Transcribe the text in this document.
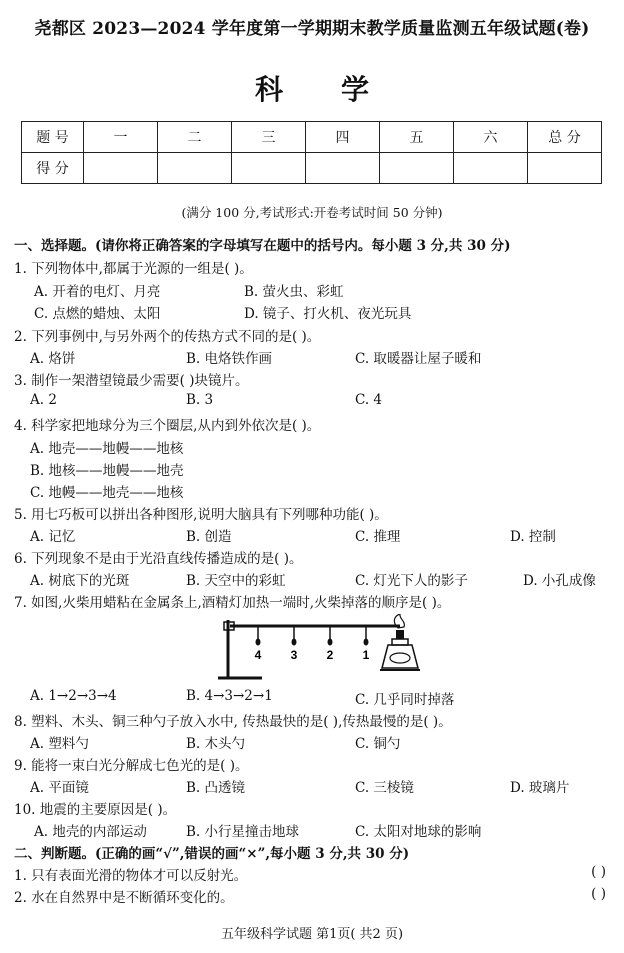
尧都区 2023—2024 学年度第一学期期末教学质量监测五年级试题(卷)
科学
题 号	一	二	三	四	五	六	总 分
得 分							
(满分 100 分,考试形式:开卷考试时间 50 分钟)
一、选择题。(请你将正确答案的字母填写在题中的括号内。每小题 3 分,共 30 分)
1. 下列物体中,都属于光源的一组是( )。
A. 开着的电灯、月亮	B. 萤火虫、彩虹
C. 点燃的蜡烛、太阳	D. 镜子、打火机、夜光玩具
2. 下列事例中,与另外两个的传热方式不同的是( )。
A. 烙饼	B. 电烙铁作画	C. 取暖器让屋子暖和
3. 制作一架潜望镜最少需要( )块镜片。
A. 2	B. 3	C. 4
4. 科学家把地球分为三个圈层,从内到外依次是( )。
A. 地壳——地幔——地核
B. 地核——地幔——地壳
C. 地幔——地壳——地核
5. 用七巧板可以拼出各种图形,说明大脑具有下列哪种功能( )。
A. 记忆	B. 创造	C. 推理	D. 控制
6. 下列现象不是由于光沿直线传播造成的是( )。
A. 树底下的光斑	B. 天空中的彩虹	C. 灯光下人的影子	D. 小孔成像
7. 如图,火柴用蜡粘在金属条上,酒精灯加热一端时,火柴掉落的顺序是( )。
4 3 2 1
A. 1→2→3→4	B. 4→3→2→1	C. 几乎同时掉落
8. 塑料、木头、铜三种勺子放入水中, 传热最快的是( ),传热最慢的是( )。
A. 塑料勺	B. 木头勺	C. 铜勺
9. 能将一束白光分解成七色光的是( )。
A. 平面镜	B. 凸透镜	C. 三棱镜	D. 玻璃片
10. 地震的主要原因是( )。
A. 地壳的内部运动	B. 小行星撞击地球	C. 太阳对地球的影响
二、判断题。(正确的画“√”,错误的画“×”,每小题 3 分,共 30 分)
1. 只有表面光滑的物体才可以反射光。	( )
2. 水在自然界中是不断循环变化的。	( )
五年级科学试题 第1页( 共2 页)
